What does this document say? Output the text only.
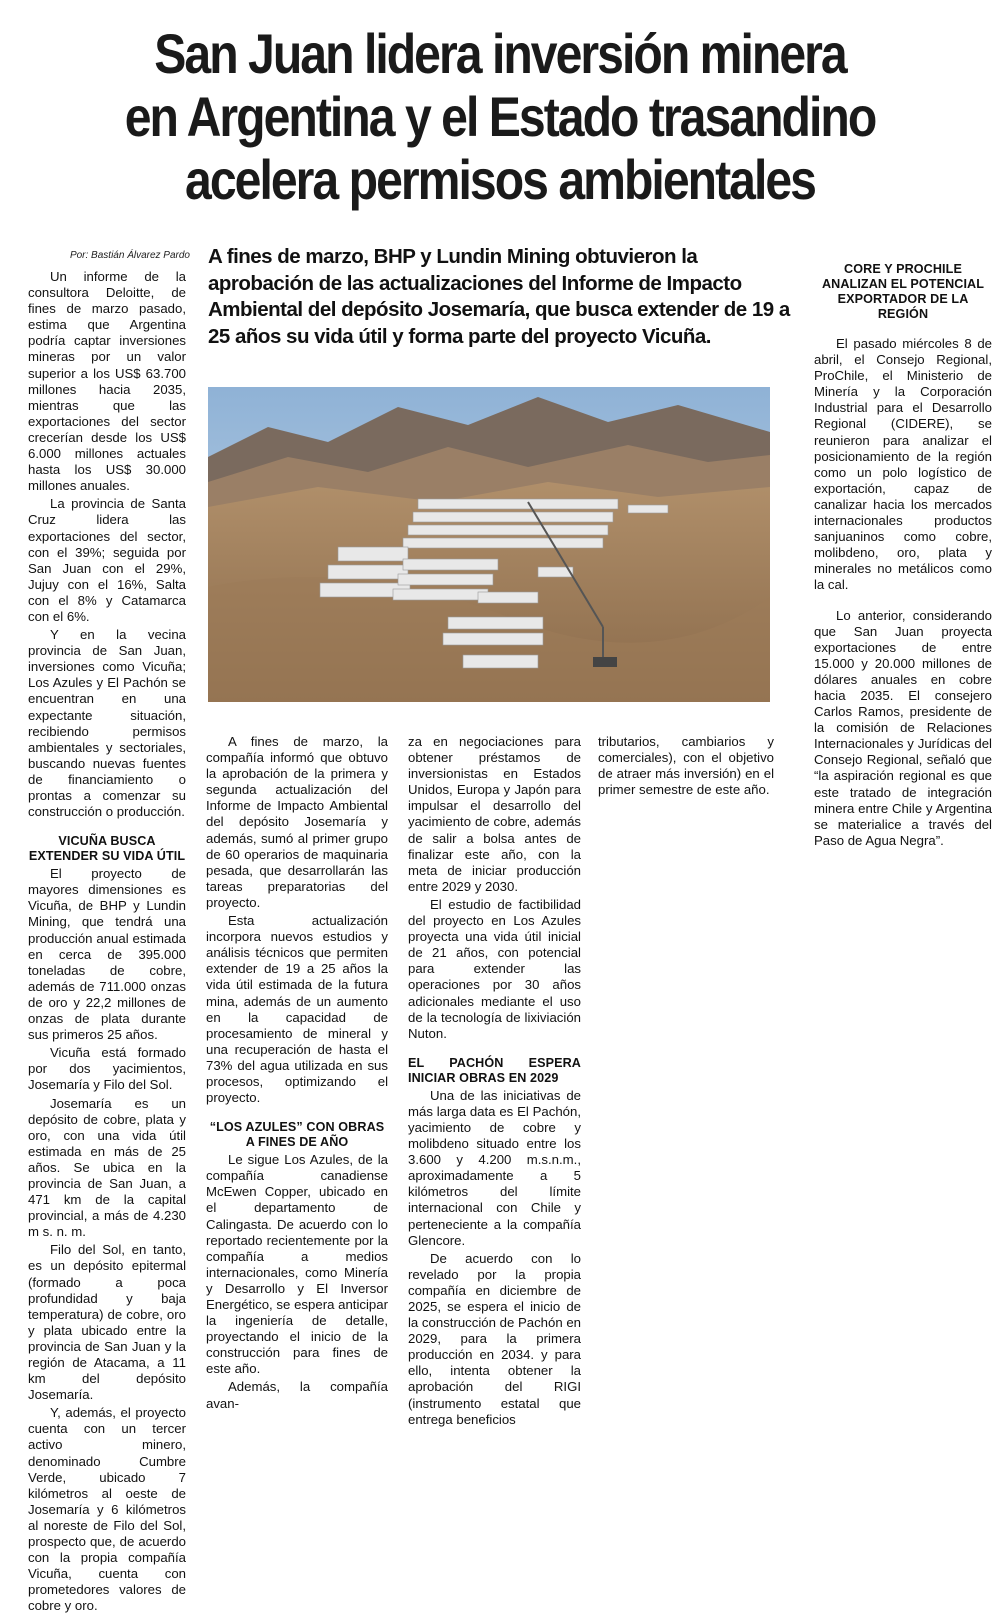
San Juan lidera inversión minera
en Argentina y el Estado trasandino
acelera permisos ambientales
Por: Bastián Álvarez Pardo A fines de marzo, BHP y Lundin Mining obtuvieron la aprobación de las actualizaciones del Informe de Impacto Ambiental del depósito Josemaría, que busca extender de 19 a 25 años su vida útil y forma parte del proyecto Vicuña.

Un informe de la consultora Deloitte, de fines de marzo pasado, estima que Argentina podría captar inversiones mineras por un valor superior a los US$ 63.700 millones hacia 2035, mientras que las exportaciones del sector crecerían desde los US$ 6.000 millones actuales hasta los US$ 30.000 millones anuales.

La provincia de Santa Cruz lidera las exportaciones del sector, con el 39%; seguida por San Juan con el 29%, Jujuy con el 16%, Salta con el 8% y Catamarca con el 6%.

Y en la vecina provincia de San Juan, inversiones como Vicuña; Los Azules y El Pachón se encuentran en una expectante situación, recibiendo permisos ambientales y sectoriales, buscando nuevas fuentes de financiamiento o prontas a comenzar su construcción o producción.

VICUÑA BUSCA EXTENDER SU VIDA ÚTIL

El proyecto de mayores dimensiones es Vicuña, de BHP y Lundin Mining, que tendrá una producción anual estimada en cerca de 395.000 toneladas de cobre, además de 711.000 onzas de oro y 22,2 millones de onzas de plata durante sus primeros 25 años.

Vicuña está formado por dos yacimientos, Josemaría y Filo del Sol.

Josemaría es un depósito de cobre, plata y oro, con una vida útil estimada en más de 25 años. Se ubica en la provincia de San Juan, a 471 km de la capital provincial, a más de 4.230 m s. n. m.

Filo del Sol, en tanto, es un depósito epitermal (formado a poca profundidad y baja temperatura) de cobre, oro y plata ubicado entre la provincia de San Juan y la región de Atacama, a 11 km del depósito Josemaría.

Y, además, el proyecto cuenta con un tercer activo minero, denominado Cumbre Verde, ubicado 7 kilómetros al oeste de Josemaría y 6 kilómetros al noreste de Filo del Sol, prospecto que, de acuerdo con la propia compañía Vicuña, cuenta con prometedores valores de cobre y oro.

A fines de marzo, la compañía informó que obtuvo la aprobación de la primera y segunda actualización del Informe de Impacto Ambiental del depósito Josemaría y además, sumó al primer grupo de 60 operarios de maquinaria pesada, que desarrollarán las tareas preparatorias del proyecto.

Esta actualización incorpora nuevos estudios y análisis técnicos que permiten extender de 19 a 25 años la vida útil estimada de la futura mina, además de un aumento en la capacidad de procesamiento de mineral y una recuperación de hasta el 73% del agua utilizada en sus procesos, optimizando el proyecto.

“LOS AZULES” CON OBRAS A FINES DE AÑO

Le sigue Los Azules, de la compañía canadiense McEwen Copper, ubicado en el departamento de Calingasta. De acuerdo con lo reportado recientemente por la compañía a medios internacionales, como Minería y Desarrollo y El Inversor Energético, se espera anticipar la ingeniería de detalle, proyectando el inicio de la construcción para fines de este año.

Además, la compañía avan-

za en negociaciones para obtener préstamos de inversionistas en Estados Unidos, Europa y Japón para impulsar el desarrollo del yacimiento de cobre, además de salir a bolsa antes de finalizar este año, con la meta de iniciar producción entre 2029 y 2030.

El estudio de factibilidad del proyecto en Los Azules proyecta una vida útil inicial de 21 años, con potencial para extender las operaciones por 30 años adicionales mediante el uso de la tecnología de lixiviación Nuton.

EL PACHÓN ESPERA INICIAR OBRAS EN 2029

Una de las iniciativas de más larga data es El Pachón, yacimiento de cobre y molibdeno situado entre los 3.600 y 4.200 m.s.n.m., aproximadamente a 5 kilómetros del límite internacional con Chile y perteneciente a la compañía Glencore.

De acuerdo con lo revelado por la propia compañía en diciembre de 2025, se espera el inicio de la construcción de Pachón en 2029, para la primera producción en 2034. y para ello, intenta obtener la aprobación del RIGI (instrumento estatal que entrega beneficios

tributarios, cambiarios y comerciales), con el objetivo de atraer más inversión) en el primer semestre de este año.

CORE Y PROCHILE ANALIZAN EL POTENCIAL EXPORTADOR DE LA REGIÓN

El pasado miércoles 8 de abril, el Consejo Regional, ProChile, el Ministerio de Minería y la Corporación Industrial para el Desarrollo Regional (CIDERE), se reunieron para analizar el posicionamiento de la región como un polo logístico de exportación, capaz de canalizar hacia los mercados internacionales productos sanjuaninos como cobre, molibdeno, oro, plata y minerales no metálicos como la cal.

Lo anterior, considerando que San Juan proyecta exportaciones de entre 15.000 y 20.000 millones de dólares anuales en cobre hacia 2035. El consejero Carlos Ramos, presidente de la comisión de Relaciones Internacionales y Jurídicas del Consejo Regional, señaló que “la aspiración regional es que este tratado de integración minera entre Chile y Argentina se materialice a través del Paso de Agua Negra”.
